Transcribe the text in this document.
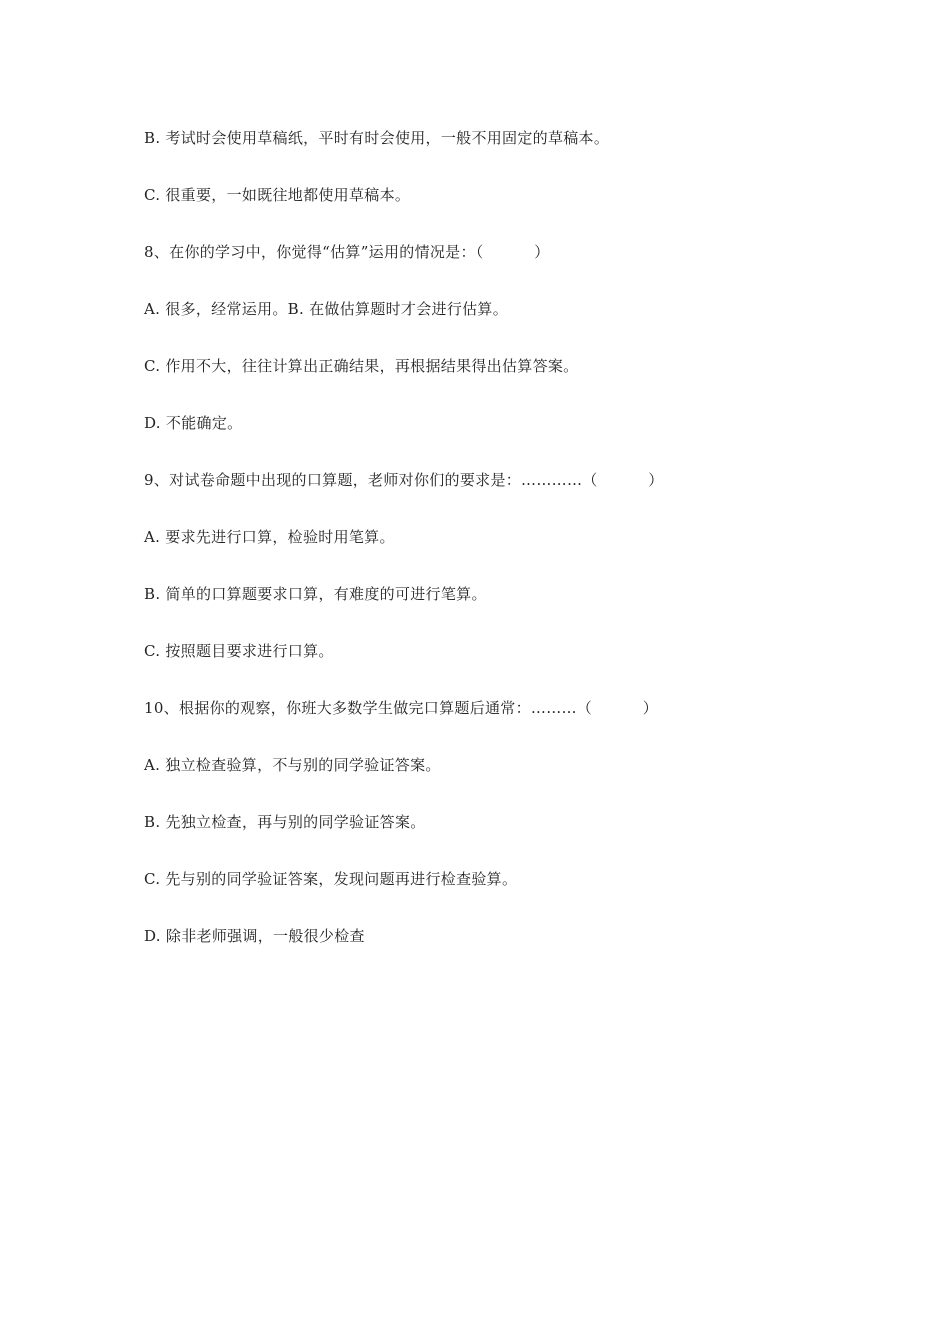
B. 考试时会使用草稿纸，平时有时会使用，一般不用固定的草稿本。
C. 很重要，一如既往地都使用草稿本。
8、在你的学习中，你觉得“估算”运用的情况是：（          ）
A. 很多，经常运用。B. 在做估算题时才会进行估算。
C. 作用不大，往往计算出正确结果，再根据结果得出估算答案。
D. 不能确定。
9、对试卷命题中出现的口算题，老师对你们的要求是：…………（          ）
A. 要求先进行口算，检验时用笔算。
B. 简单的口算题要求口算，有难度的可进行笔算。
C. 按照题目要求进行口算。
10、根据你的观察，你班大多数学生做完口算题后通常：………（          ）
A. 独立检查验算，不与别的同学验证答案。
B. 先独立检查，再与别的同学验证答案。
C. 先与别的同学验证答案，发现问题再进行检查验算。
D. 除非老师强调，一般很少检查
